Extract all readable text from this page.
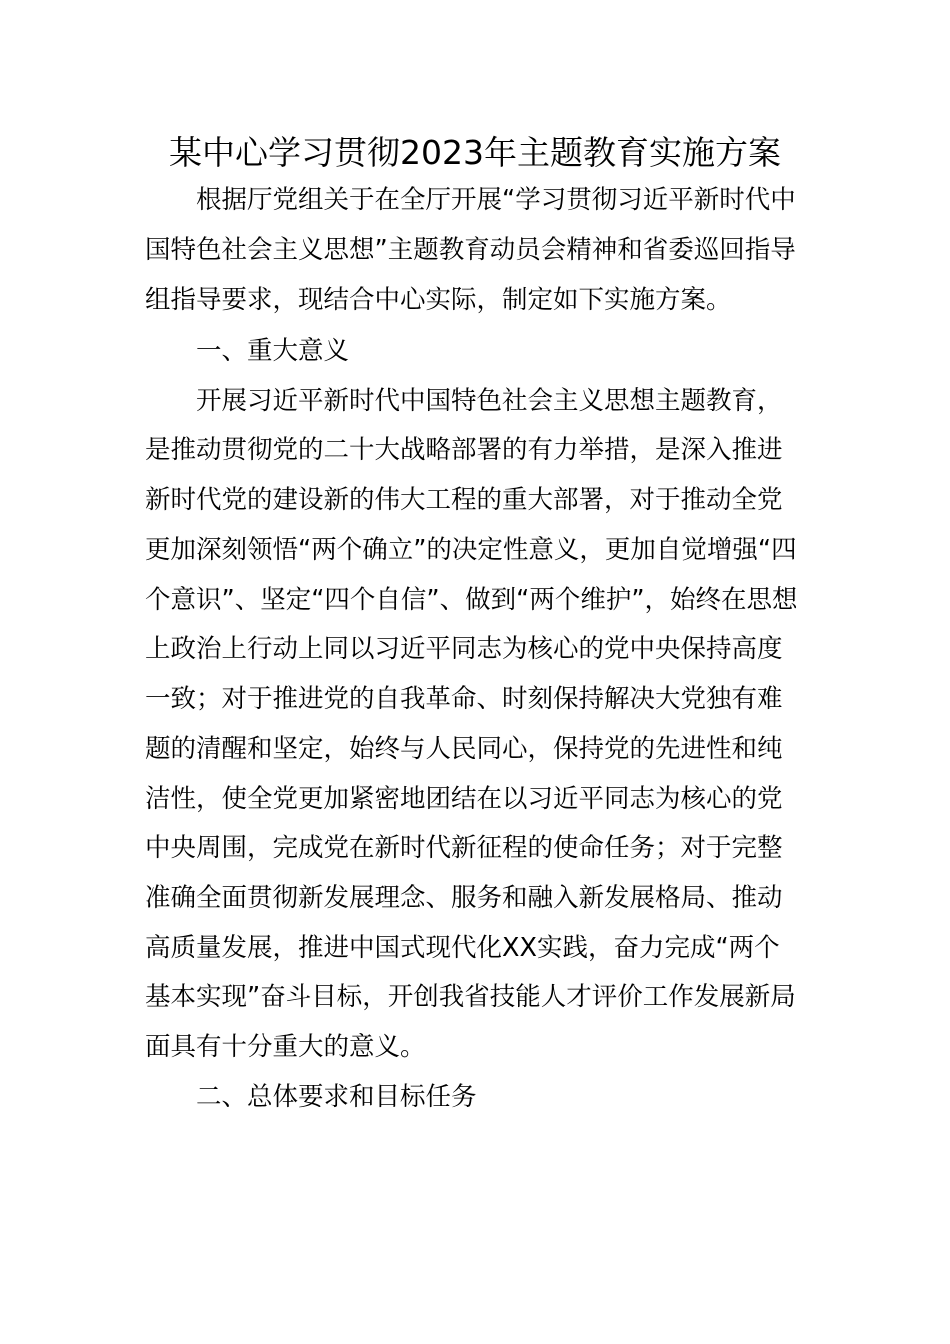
某中心学习贯彻2023年主题教育实施方案

根据厅党组关于在全厅开展“学习贯彻习近平新时代中

国特色社会主义思想”主题教育动员会精神和省委巡回指导

组指导要求，现结合中心实际，制定如下实施方案。

一、重大意义

开展习近平新时代中国特色社会主义思想主题教育，

是推动贯彻党的二十大战略部署的有力举措，是深入推进

新时代党的建设新的伟大工程的重大部署，对于推动全党

更加深刻领悟“两个确立”的决定性意义，更加自觉增强“四

个意识”、坚定“四个自信”、做到“两个维护”，始终在思想

上政治上行动上同以习近平同志为核心的党中央保持高度

一致；对于推进党的自我革命、时刻保持解决大党独有难

题的清醒和坚定，始终与人民同心，保持党的先进性和纯

洁性，使全党更加紧密地团结在以习近平同志为核心的党

中央周围，完成党在新时代新征程的使命任务；对于完整

准确全面贯彻新发展理念、服务和融入新发展格局、推动

高质量发展，推进中国式现代化XX实践，奋力完成“两个

基本实现”奋斗目标，开创我省技能人才评价工作发展新局

面具有十分重大的意义。

二、总体要求和目标任务
